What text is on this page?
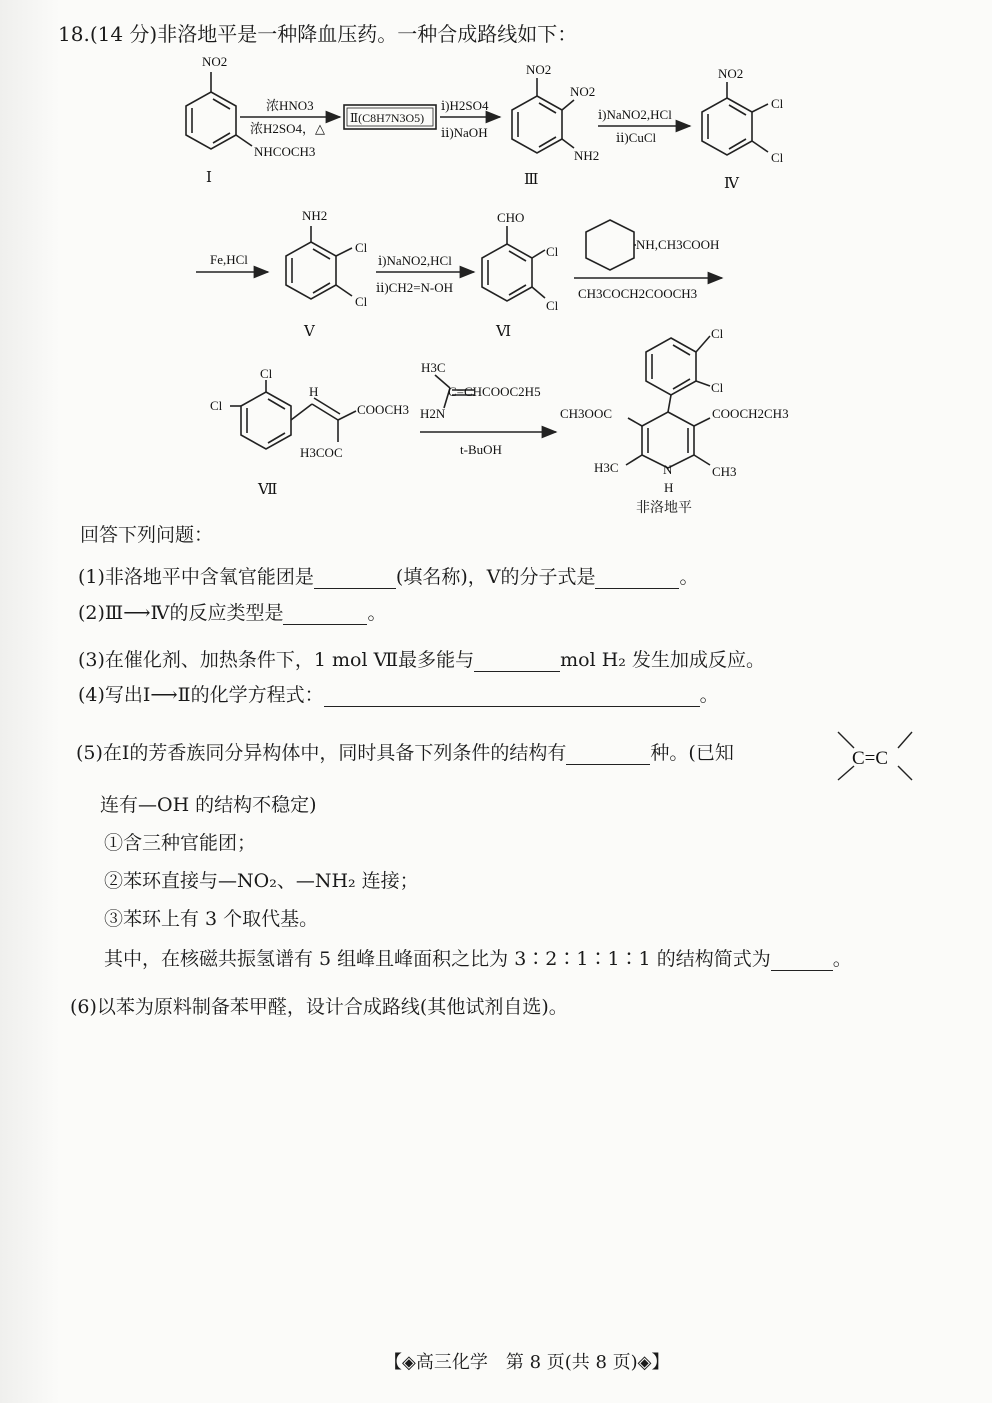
18.(14 分)非洛地平是一种降血压药。一种合成路线如下：
NO2
NHCOCH3
Ⅰ
浓HNO3
浓H2SO4，△
Ⅱ(C8H7N3O5)
ⅰ)H2SO4
ⅱ)NaOH
NO2
NO2
NH2
Ⅲ
ⅰ)NaNO2,HCl
ⅱ)CuCl
NO2
Cl
Cl
Ⅳ
Fe,HCl
NH2
Cl
Cl
Ⅴ
ⅰ)NaNO2,HCl
ⅱ)CH2=N-OH
CHO
Cl
Cl
Ⅵ
NH,CH3COOH
CH3COCH2COOCH3
Cl
Cl
H
COOCH3
H3COC
Ⅶ
H3C
C=CHCOOC2H5
H2N
t-BuOH
Cl
Cl
CH3OOC	COOCH2CH3
H3C	CH3
N
H
非洛地平
回答下列问题：
(1)非洛地平中含氧官能团是	(填名称)，Ⅴ的分子式是	。
(2)Ⅲ⟶Ⅳ的反应类型是	。
(3)在催化剂、加热条件下，1 mol Ⅶ最多能与	mol H₂ 发生加成反应。
(4)写出Ⅰ⟶Ⅱ的化学方程式：	。
(5)在Ⅰ的芳香族同分异构体中，同时具备下列条件的结构有	种。(已知	C=C
连有—OH 的结构不稳定)
①含三种官能团；
②苯环直接与—NO₂、—NH₂ 连接；
③苯环上有 3 个取代基。
其中，在核磁共振氢谱有 5 组峰且峰面积之比为 3∶2∶1∶1∶1 的结构简式为	。
(6)以苯为原料制备苯甲醛，设计合成路线(其他试剂自选)。
【◈高三化学　第 8 页(共 8 页)◈】
